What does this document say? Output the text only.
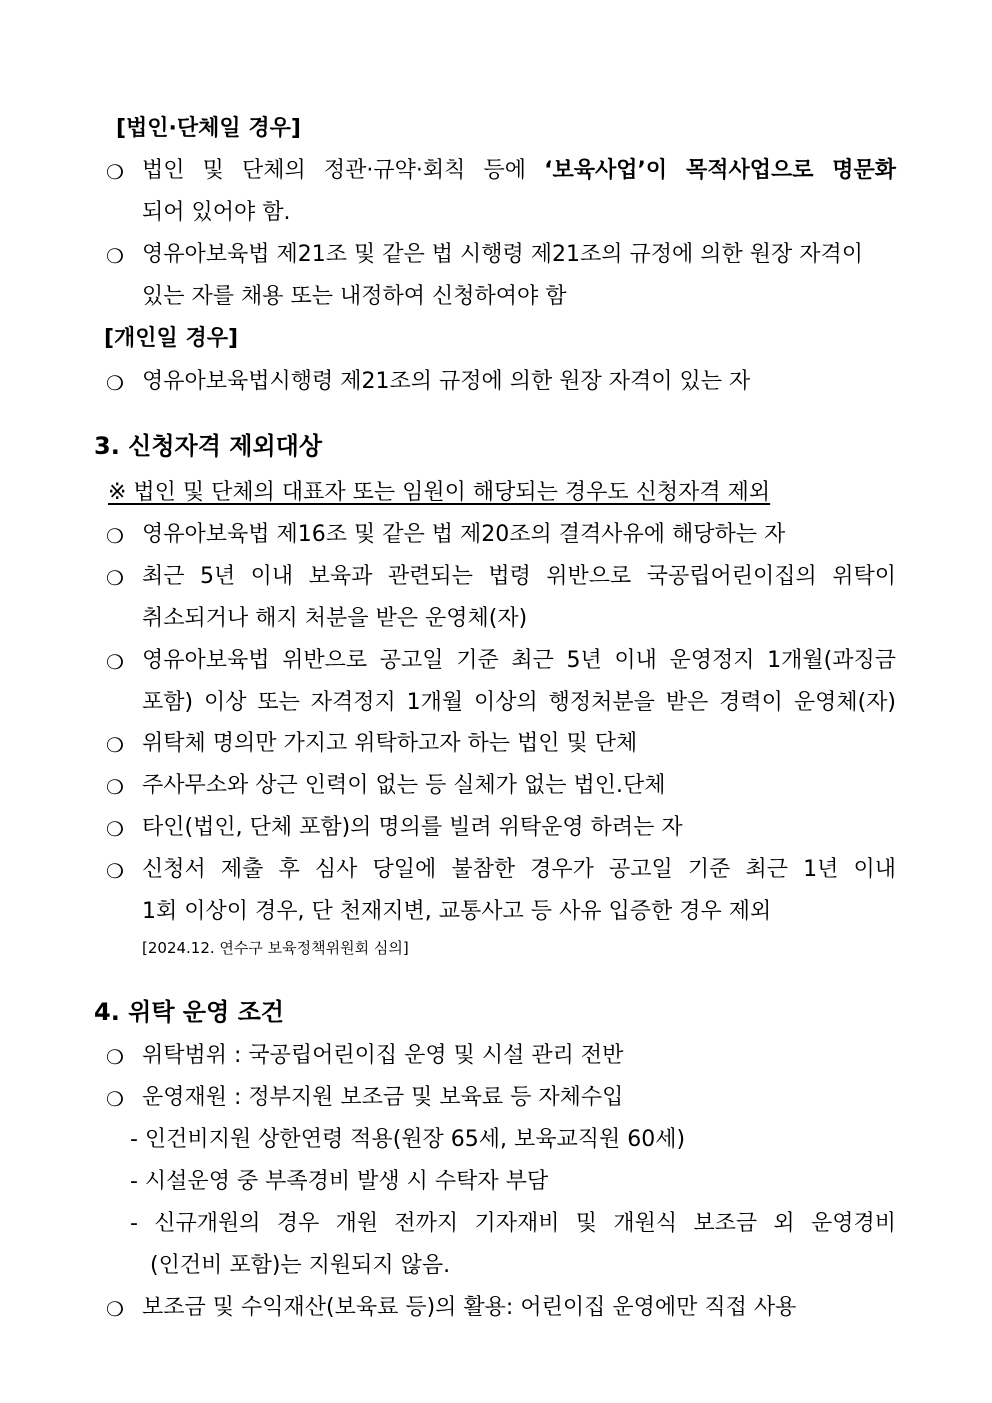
[법인·단체일 경우]
❍ 법인 및 단체의 정관·규약·회칙 등에 ‘보육사업’이 목적사업으로 명문화
되어 있어야 함.
❍ 영유아보육법 제21조 및 같은 법 시행령 제21조의 규정에 의한 원장 자격이
있는 자를 채용 또는 내정하여 신청하여야 함
[개인일 경우]
❍ 영유아보육법시행령 제21조의 규정에 의한 원장 자격이 있는 자
3. 신청자격 제외대상
※ 법인 및 단체의 대표자 또는 임원이 해당되는 경우도 신청자격 제외
❍ 영유아보육법 제16조 및 같은 법 제20조의 결격사유에 해당하는 자
❍ 최근 5년 이내 보육과 관련되는 법령 위반으로 국공립어린이집의 위탁이
취소되거나 해지 처분을 받은 운영체(자)
❍ 영유아보육법 위반으로 공고일 기준 최근 5년 이내 운영정지 1개월(과징금
포함) 이상 또는 자격정지 1개월 이상의 행정처분을 받은 경력이 운영체(자)
❍ 위탁체 명의만 가지고 위탁하고자 하는 법인 및 단체
❍ 주사무소와 상근 인력이 없는 등 실체가 없는 법인.단체
❍ 타인(법인, 단체 포함)의 명의를 빌려 위탁운영 하려는 자
❍ 신청서 제출 후 심사 당일에 불참한 경우가 공고일 기준 최근 1년 이내
1회 이상이 경우, 단 천재지변, 교통사고 등 사유 입증한 경우 제외
[2024.12. 연수구 보육정책위원회 심의]
4. 위탁 운영 조건
❍ 위탁범위 : 국공립어린이집 운영 및 시설 관리 전반
❍ 운영재원 : 정부지원 보조금 및 보육료 등 자체수입
- 인건비지원 상한연령 적용(원장 65세, 보육교직원 60세)
- 시설운영 중 부족경비 발생 시 수탁자 부담
- 신규개원의 경우 개원 전까지 기자재비 및 개원식 보조금 외 운영경비
(인건비 포함)는 지원되지 않음.
❍ 보조금 및 수익재산(보육료 등)의 활용: 어린이집 운영에만 직접 사용
